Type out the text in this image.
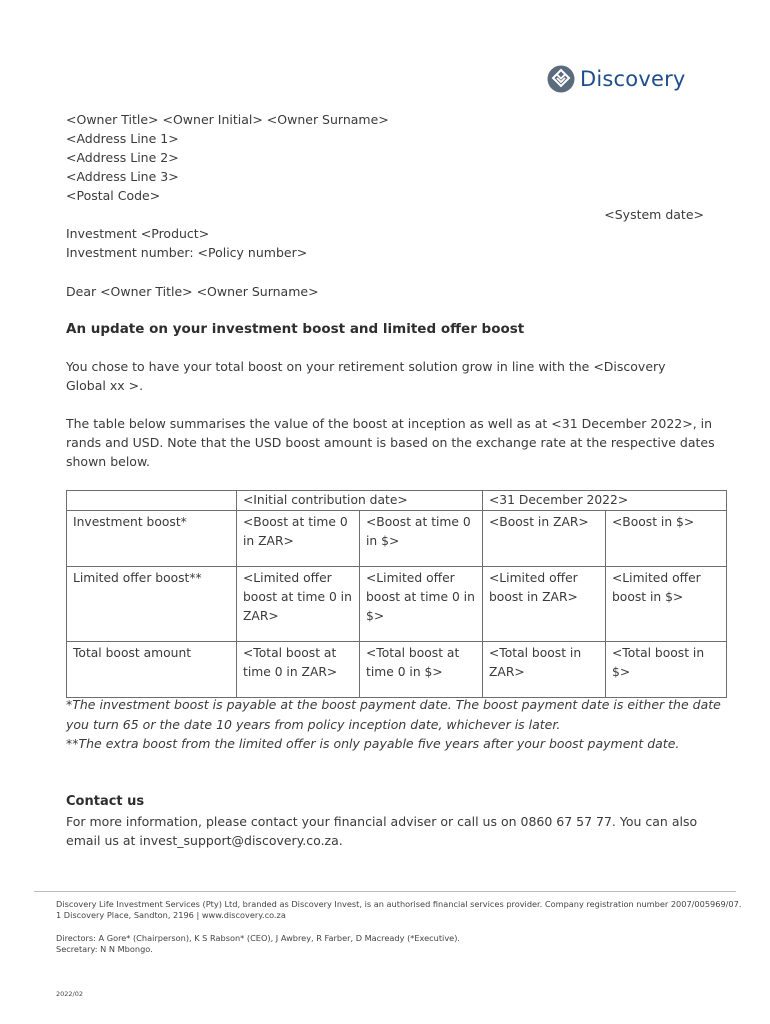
Discovery
<Owner Title> <Owner Initial> <Owner Surname>
<Address Line 1>
<Address Line 2>
<Address Line 3>
<Postal Code>
<System date>
Investment <Product>
Investment number: <Policy number>
Dear <Owner Title> <Owner Surname>
An update on your investment boost and limited offer boost
You chose to have your total boost on your retirement solution grow in line with the <Discovery Global xx >.
The table below summarises the value of the boost at inception as well as at <31 December 2022>, in rands and USD. Note that the USD boost amount is based on the exchange rate at the respective dates shown below.
	<Initial contribution date>		<31 December 2022>	
Investment boost*	<Boost at time 0 in ZAR>	<Boost at time 0 in $>	<Boost in ZAR>	<Boost in $>
Limited offer boost**	<Limited offer boost at time 0 in ZAR>	<Limited offer boost at time 0 in $>	<Limited offer boost in ZAR>	<Limited offer boost in $>
Total boost amount	<Total boost at time 0 in ZAR>	<Total boost at time 0 in $>	<Total boost in ZAR>	<Total boost in $>
*The investment boost is payable at the boost payment date. The boost payment date is either the date you turn 65 or the date 10 years from policy inception date, whichever is later.
**The extra boost from the limited offer is only payable five years after your boost payment date.
Contact us
For more information, please contact your financial adviser or call us on 0860 67 57 77. You can also email us at invest_support@discovery.co.za.
Discovery Life Investment Services (Pty) Ltd, branded as Discovery Invest, is an authorised financial services provider. Company registration number 2007/005969/07.
1 Discovery Place, Sandton, 2196 | www.discovery.co.za
Directors: A Gore* (Chairperson), K S Rabson* (CEO), J Awbrey, R Farber, D Macready (*Executive).
Secretary: N N Mbongo.
2022/02
